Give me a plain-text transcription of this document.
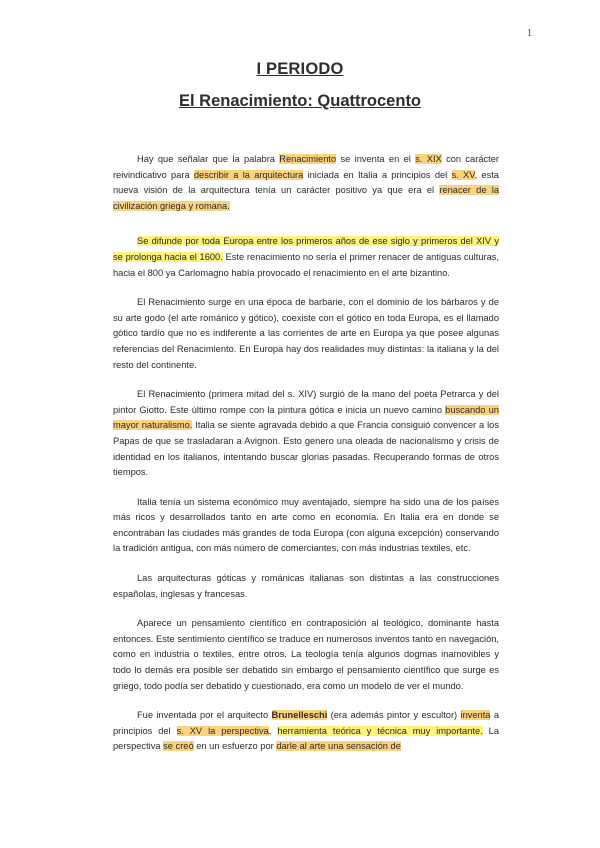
1
I PERIODO
El Renacimiento: Quattrocento

Hay que señalar que la palabra Renacimiento se inventa en el s. XIX con carácter reivindicativo para describir a la arquitectura iniciada en Italia a principios del s. XV, esta nueva visión de la arquitectura tenía un carácter positivo ya que era el renacer de la civilización griega y romana.

Se difunde por toda Europa entre los primeros años de ese siglo y primeros del XIV y se prolonga hacia el 1600. Este renacimiento no sería el primer renacer de antiguas culturas, hacia el 800 ya Carlomagno había provocado el renacimiento en el arte bizantino.

El Renacimiento surge en una época de barbarie, con el dominio de los bárbaros y de su arte godo (el arte románico y gótico), coexiste con el gótico en toda Europa, es el llamado gótico tardío que no es indiferente a las corrientes de arte en Europa ya que posee algunas referencias del Renacimiento. En Europa hay dos realidades muy distintas: la italiana y la del resto del continente.

El Renacimiento (primera mitad del s. XIV) surgió de la mano del poeta Petrarca y del pintor Giotto. Este último rompe con la pintura gótica e inicia un nuevo camino buscando un mayor naturalismo. Italia se siente agravada debido a que Francia consiguió convencer a los Papas de que se trasladaran a Avignon. Esto genero una oleada de nacionalismo y crisis de identidad en los italianos, intentando buscar glorias pasadas. Recuperando formas de otros tiempos.

Italia tenía un sistema económico muy aventajado, siempre ha sido una de los países más ricos y desarrollados tanto en arte como en economía. En Italia era en donde se encontraban las ciudades más grandes de toda Europa (con alguna excepción) conservando la tradición antigua, con más número de comerciantes, con más industrias textiles, etc.

Las arquitecturas góticas y románicas italianas son distintas a las construcciones españolas, inglesas y francesas.

Aparece un pensamiento científico en contraposición al teológico, dominante hasta entonces. Este sentimiento científico se traduce en numerosos inventos tanto en navegación, como en industria o textiles, entre otros. La teología tenía algunos dogmas inamovibles y todo lo demás era posible ser debatido sin embargo el pensamiento científico que surge es griego, todo podía ser debatido y cuestionado, era como un modelo de ver el mundo.

Fue inventada por el arquitecto Brunelleschi (era además pintor y escultor) inventa a principios del s. XV la perspectiva, herramienta teórica y técnica muy importante. La perspectiva se creó en un esfuerzo por darle al arte una sensación de
